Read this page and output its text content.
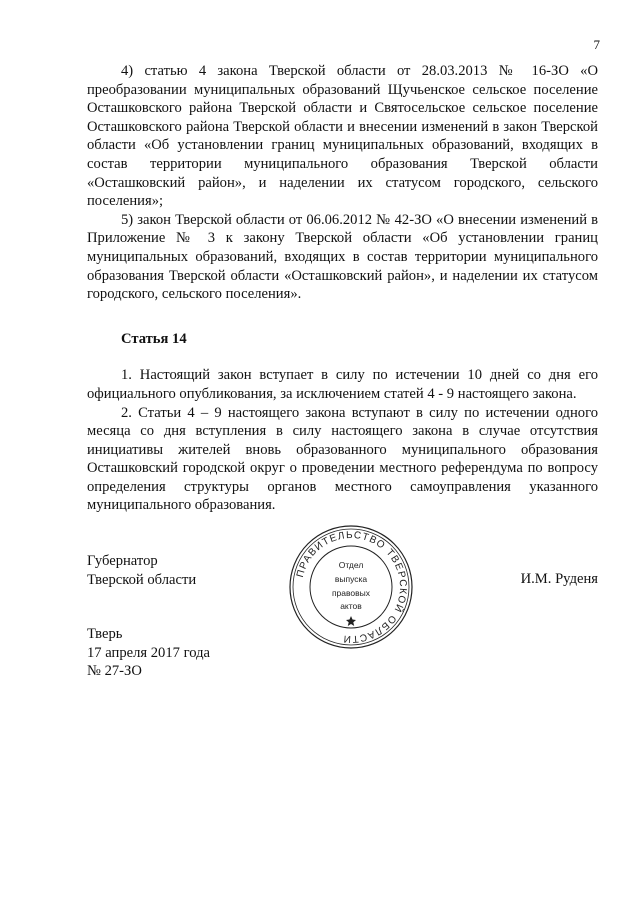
7

4) статью 4 закона Тверской области от 28.03.2013 № 16-ЗО «О преобразовании муниципальных образований Щучьенское сельское поселение Осташковского района Тверской области и Святосельское сельское поселение Осташковского района Тверской области и внесении изменений в закон Тверской области «Об установлении границ муниципальных образований, входящих в состав территории муниципального образования Тверской области «Осташковский район», и наделении их статусом городского, сельского поселения»;

5) закон Тверской области от 06.06.2012 № 42-ЗО «О внесении изменений в Приложение № 3 к закону Тверской области «Об установлении границ муниципальных образований, входящих в состав территории муниципального образования Тверской области «Осташковский район», и наделении их статусом городского, сельского поселения».

Статья 14

1. Настоящий закон вступает в силу по истечении 10 дней со дня его официального опубликования, за исключением статей 4 - 9 настоящего закона.

2. Статьи 4 – 9 настоящего закона вступают в силу по истечении одного месяца со дня вступления в силу настоящего закона в случае отсутствия инициативы жителей вновь образованного муниципального образования Осташковский городской округ о проведении местного референдума по вопросу определения структуры органов местного самоуправления указанного муниципального образования.

Губернатор
Тверской области	И.М. Руденя
ПРАВИТЕЛЬСТВО ТВЕРСКОЙ ОБЛАСТИ
Отдел
выпуска
правовых
актов
Тверь
17 апреля 2017 года
№ 27-ЗО
